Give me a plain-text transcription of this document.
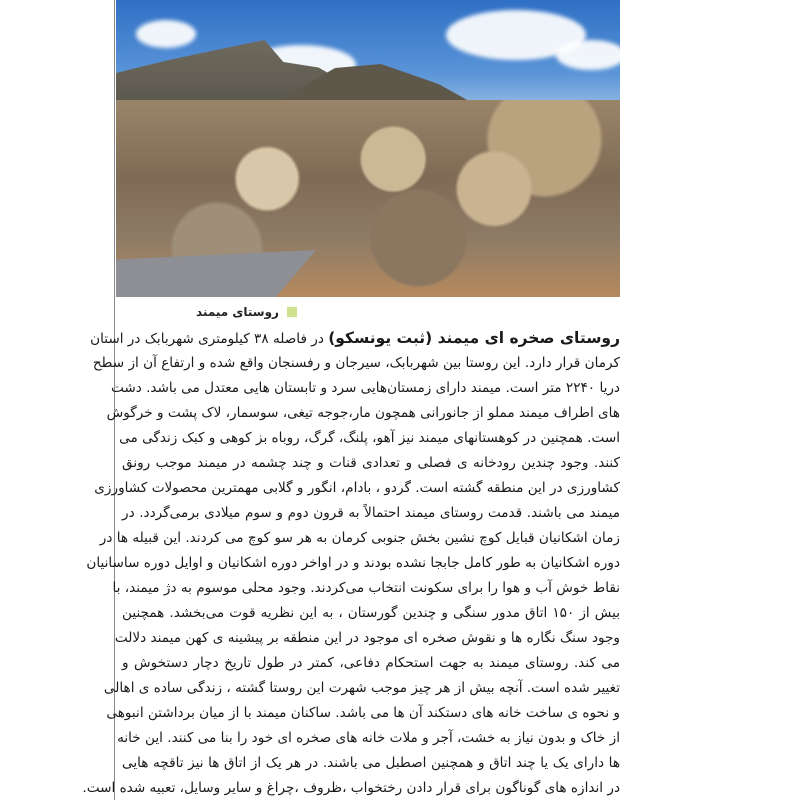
روستای میمند
روستای صخره ای میمند (ثبت یونسکو) در فاصله ۳۸ کیلومتری شهربابک در استان
کرمان قرار دارد. این روستا بین شهربابک، سیرجان و رفسنجان واقع شده و ارتفاع آن از سطح
دریا ۲۲۴۰ متر است. میمند دارای زمستان‌هایی سرد و تابستان هایی معتدل می باشد. دشت
های اطراف میمند مملو از جانورانی همچون مار،جوجه تیغی، سوسمار، لاک پشت و خرگوش
است. همچنین در کوهستانهای میمند نیز آهو، پلنگ، گرگ، روباه بز کوهی و کبک زندگی می
کنند. وجود چندین رودخانه ی فصلی و تعدادی قنات و چند چشمه در میمند موجب رونق
کشاورزی در این منطقه گشته است. گردو ، بادام، انگور و گلابی مهمترین محصولات کشاورزی
میمند می باشند. قدمت روستای میمند احتمالاً به قرون دوم و سوم میلادی برمی‌گردد. در
زمان اشکانیان قبایل کوچ نشین بخش جنوبی کرمان به هر سو کوچ می کردند. این قبیله ها در
دوره اشکانیان به طور کامل جابجا نشده بودند و در اواخر دوره اشکانیان و اوایل دوره ساسانیان
نقاط خوش آب و هوا را برای سکونت انتخاب می‌کردند. وجود محلی موسوم به دژ میمند، با
بیش از ۱۵۰ اتاق مدور سنگی و چندین گورستان ، به این نظریه قوت می‌بخشد. همچنین
وجود سنگ نگاره ها و نقوش صخره ای موجود در این منطقه بر پیشینه ی کهن میمند دلالت
می کند. روستای میمند به جهت استحکام دفاعی، کمتر در طول تاریخ دچار دستخوش و
تغییر شده است. آنچه بیش از هر چیز موجب شهرت این روستا گشته ، زندگی ساده ی اهالی
و نحوه ی ساخت خانه های دستکند آن ها می باشد. ساکنان میمند با از میان برداشتن انبوهی
از خاک و بدون نیاز به خشت، آجر و ملات خانه های صخره ای خود را بنا می کنند. این خانه
ها دارای یک یا چند اتاق و همچنین اصطبل می باشند. در هر یک از اتاق ها نیز تاقچه هایی
در اندازه های گوناگون برای قرار دادن رختخواب ،ظروف ،چراغ و سایر وسایل، تعبیه شده است.
